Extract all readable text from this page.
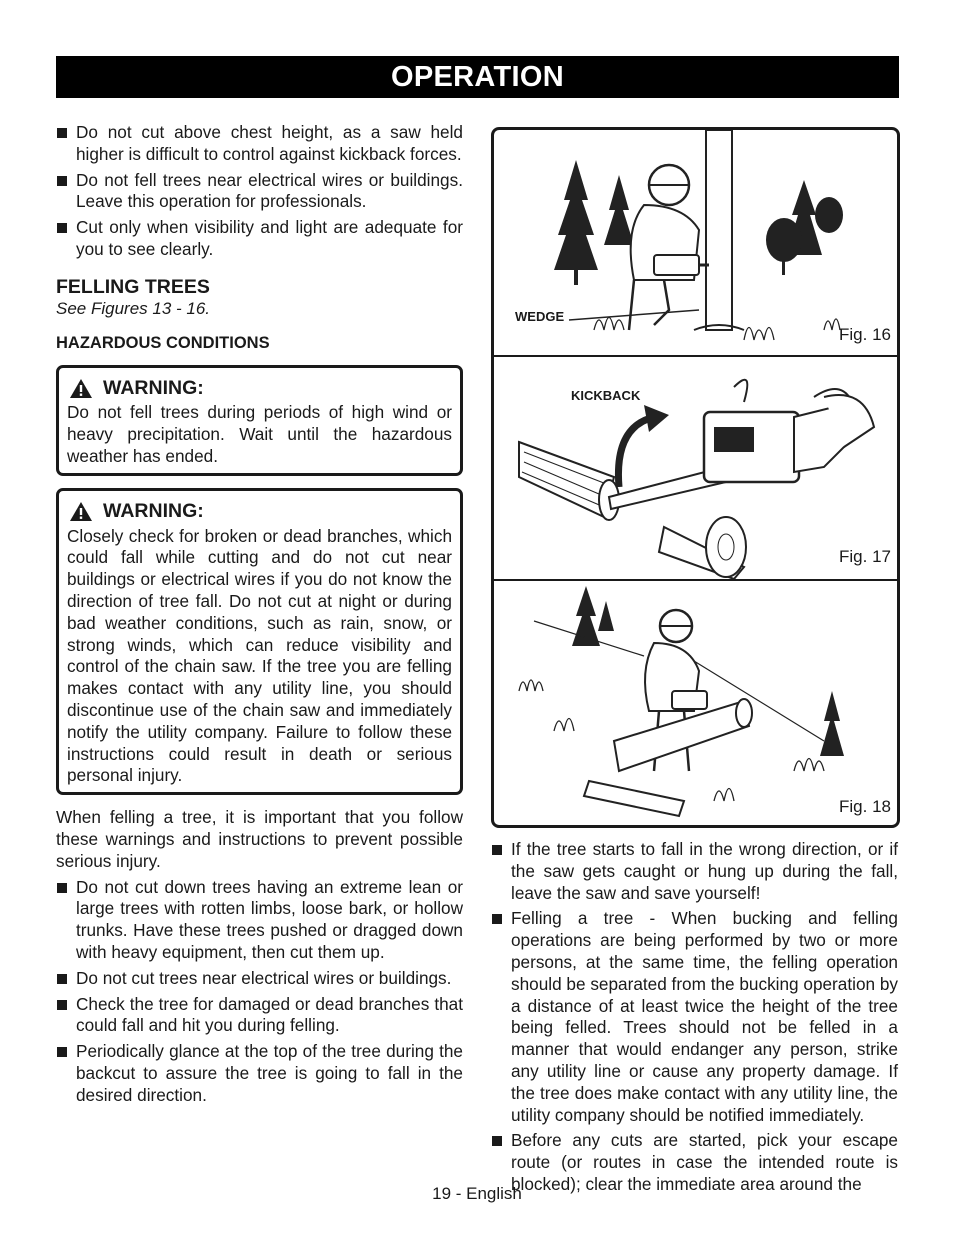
OPERATION
Do not cut above chest height, as a saw held higher is difficult to control against kickback forces.
Do not fell trees near electrical wires or buildings. Leave this operation for professionals.
Cut only when visibility and light are adequate for you to see clearly.
FELLING TREES
See Figures 13 - 16.
HAZARDOUS CONDITIONS
WARNING:

Do not fell trees during periods of high wind or heavy precipitation. Wait until the hazardous weather has ended.

WARNING:

Closely check for broken or dead branches, which could fall while cutting and do not cut near buildings or electrical wires if you do not know the direction of tree fall. Do not cut at night or during bad weather conditions, such as rain, snow, or strong winds, which can reduce visibility and control of the chain saw. If the tree you are felling makes contact with any utility line, you should discontinue use of the chain saw and immediately notify the utility company. Failure to follow these instructions could result in death or serious personal injury.

When felling a tree, it is important that you follow these warnings and instructions to prevent possible serious injury.

Do not cut down trees having an extreme lean or large trees with rotten limbs, loose bark, or hollow trunks. Have these trees pushed or dragged down with heavy equipment, then cut them up.
Do not cut trees near electrical wires or buildings.
Check the tree for damaged or dead branches that could fall and hit you during felling.
Periodically glance at the top of the tree during the backcut to assure the tree is going to fall in the desired direction.
WEDGE
Fig. 16
KICKBACK
Fig. 17
Fig. 18
If the tree starts to fall in the wrong direction, or if the saw gets caught or hung up during the fall, leave the saw and save yourself!
Felling a tree - When bucking and felling operations are being performed by two or more persons, at the same time, the felling operation should be separated from the bucking operation by a distance of at least twice the height of the tree being felled. Trees should not be felled in a manner that would endanger any person, strike any utility line or cause any property damage. If the tree does make contact with any utility line, the utility company should be notified immediately.
Before any cuts are started, pick your escape route (or routes in case the intended route is blocked); clear the immediate area around the
19 - English
